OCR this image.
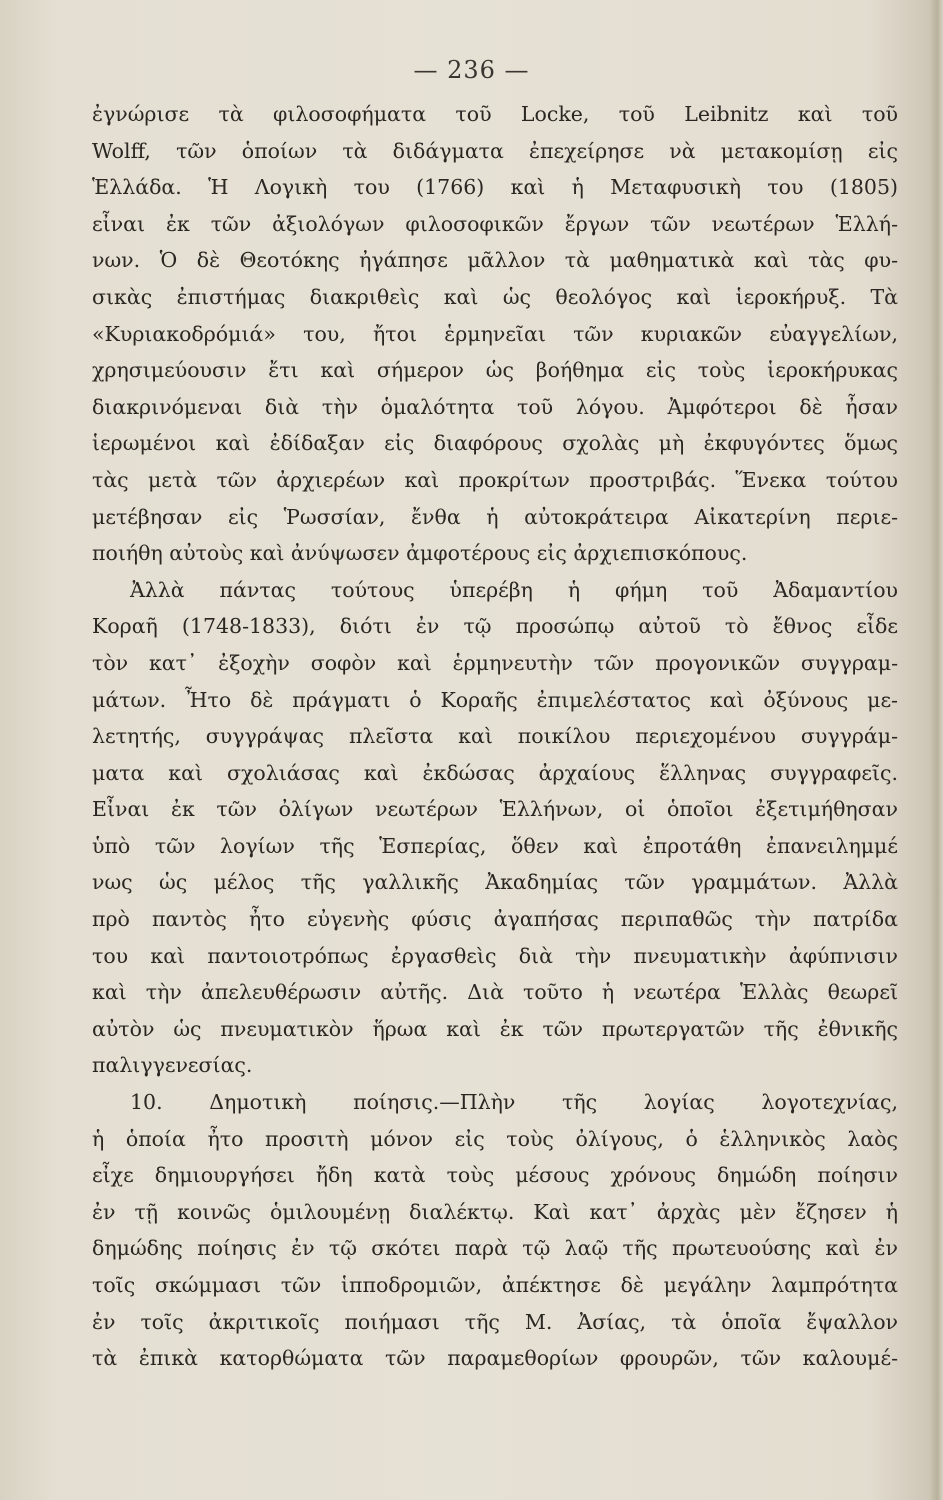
— 236 —
ἐγνώρισε τὰ φιλοσοφήματα τοῦ Locke, τοῦ Leibnitz καὶ τοῦ
Wolff, τῶν ὁποίων τὰ διδάγματα ἐπεχείρησε νὰ μετακομίσῃ εἰς
Ἑλλάδα. Ἡ Λογικὴ του (1766) καὶ ἡ Μεταφυσικὴ του (1805)
εἶναι ἐκ τῶν ἀξιολόγων φιλοσοφικῶν ἔργων τῶν νεωτέρων Ἑλλή-
νων. Ὁ δὲ Θεοτόκης ἠγάπησε μᾶλλον τὰ μαθηματικὰ καὶ τὰς φυ-
σικὰς ἐπιστήμας διακριθεὶς καὶ ὡς θεολόγος καὶ ἱεροκήρυξ. Τὰ
«Κυριακοδρόμιά» του, ἤτοι ἑρμηνεῖαι τῶν κυριακῶν εὐαγγελίων,
χρησιμεύουσιν ἔτι καὶ σήμερον ὡς βοήθημα εἰς τοὺς ἱεροκήρυκας
διακρινόμεναι διὰ τὴν ὁμαλότητα τοῦ λόγου. Ἀμφότεροι δὲ ἦσαν
ἱερωμένοι καὶ ἐδίδαξαν εἰς διαφόρους σχολὰς μὴ ἐκφυγόντες ὅμως
τὰς μετὰ τῶν ἀρχιερέων καὶ προκρίτων προστριβάς. Ἕνεκα τούτου
μετέβησαν εἰς Ῥωσσίαν, ἔνθα ἡ αὐτοκράτειρα Αἰκατερίνη περιε-
ποιήθη αὐτοὺς καὶ ἀνύψωσεν ἀμφοτέρους εἰς ἀρχιεπισκόπους.
Ἀλλὰ πάντας τούτους ὑπερέβη ἡ φήμη τοῦ Ἀδαμαντίου
Κοραῆ (1748-1833), διότι ἐν τῷ προσώπῳ αὐτοῦ τὸ ἔθνος εἶδε
τὸν κατ᾽ ἐξοχὴν σοφὸν καὶ ἑρμηνευτὴν τῶν προγονικῶν συγγραμ-
μάτων. Ἦτο δὲ πράγματι ὁ Κοραῆς ἐπιμελέστατος καὶ ὀξύνους με-
λετητής, συγγράψας πλεῖστα καὶ ποικίλου περιεχομένου συγγράμ-
ματα καὶ σχολιάσας καὶ ἐκδώσας ἀρχαίους ἕλληνας συγγραφεῖς.
Εἶναι ἐκ τῶν ὀλίγων νεωτέρων Ἑλλήνων, οἱ ὁποῖοι ἐξετιμήθησαν
ὑπὸ τῶν λογίων τῆς Ἑσπερίας, ὅθεν καὶ ἐπροτάθη ἐπανειλημμέ
νως ὡς μέλος τῆς γαλλικῆς Ἀκαδημίας τῶν γραμμάτων. Ἀλλὰ
πρὸ παντὸς ἦτο εὐγενὴς φύσις ἀγαπήσας περιπαθῶς τὴν πατρίδα
του καὶ παντοιοτρόπως ἐργασθεὶς διὰ τὴν πνευματικὴν ἀφύπνισιν
καὶ τὴν ἀπελευθέρωσιν αὐτῆς. Διὰ τοῦτο ἡ νεωτέρα Ἑλλὰς θεωρεῖ
αὐτὸν ὡς πνευματικὸν ἥρωα καὶ ἐκ τῶν πρωτεργατῶν τῆς ἐθνικῆς
παλιγγενεσίας.
10. Δημοτικὴ ποίησις.—Πλὴν τῆς λογίας λογοτεχνίας,
ἡ ὁποία ἦτο προσιτὴ μόνον εἰς τοὺς ὀλίγους, ὁ ἑλληνικὸς λαὸς
εἶχε δημιουργήσει ἤδη κατὰ τοὺς μέσους χρόνους δημώδη ποίησιν
ἐν τῇ κοινῶς ὁμιλουμένῃ διαλέκτῳ. Καὶ κατ᾽ ἀρχὰς μὲν ἔζησεν ἡ
δημώδης ποίησις ἐν τῷ σκότει παρὰ τῷ λαῷ τῆς πρωτευούσης καὶ ἐν
τοῖς σκώμμασι τῶν ἱπποδρομιῶν, ἀπέκτησε δὲ μεγάλην λαμπρότητα
ἐν τοῖς ἀκριτικοῖς ποιήμασι τῆς Μ. Ἀσίας, τὰ ὁποῖα ἔψαλλον
τὰ ἐπικὰ κατορθώματα τῶν παραμεθορίων φρουρῶν, τῶν καλουμέ-
